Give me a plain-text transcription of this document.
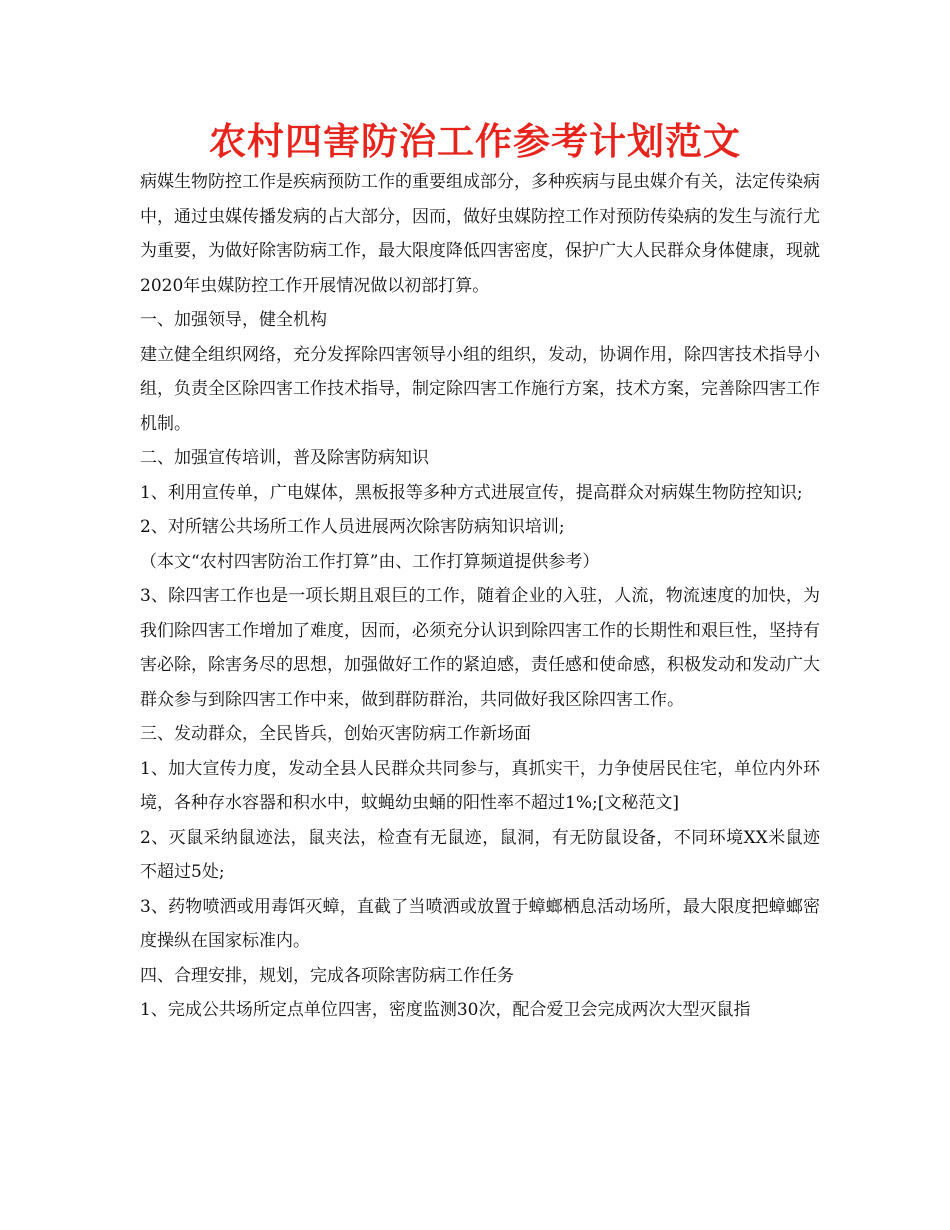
农村四害防治工作参考计划范文

病媒生物防控工作是疾病预防工作的重要组成部分，多种疾病与昆虫媒介有关，法定传染病中，通过虫媒传播发病的占大部分，因而，做好虫媒防控工作对预防传染病的发生与流行尤为重要，为做好除害防病工作，最大限度降低四害密度，保护广大人民群众身体健康，现就2020年虫媒防控工作开展情况做以初部打算。

一、加强领导，健全机构

建立健全组织网络，充分发挥除四害领导小组的组织，发动，协调作用，除四害技术指导小组，负责全区除四害工作技术指导，制定除四害工作施行方案，技术方案，完善除四害工作机制。

二、加强宣传培训，普及除害防病知识

1、利用宣传单，广电媒体，黑板报等多种方式进展宣传，提高群众对病媒生物防控知识;

2、对所辖公共场所工作人员进展两次除害防病知识培训;

（本文“农村四害防治工作打算”由、工作打算频道提供参考）

3、除四害工作也是一项长期且艰巨的工作，随着企业的入驻，人流，物流速度的加快，为我们除四害工作增加了难度，因而，必须充分认识到除四害工作的长期性和艰巨性，坚持有害必除，除害务尽的思想，加强做好工作的紧迫感，责任感和使命感，积极发动和发动广大群众参与到除四害工作中来，做到群防群治，共同做好我区除四害工作。

三、发动群众，全民皆兵，创始灭害防病工作新场面

1、加大宣传力度，发动全县人民群众共同参与，真抓实干，力争使居民住宅，单位内外环境，各种存水容器和积水中，蚊蝇幼虫蛹的阳性率不超过1%;[文秘范文]

2、灭鼠采纳鼠迹法，鼠夹法，检查有无鼠迹，鼠洞，有无防鼠设备，不同环境XX米鼠迹不超过5处;

3、药物喷洒或用毒饵灭蟑，直截了当喷洒或放置于蟑螂栖息活动场所，最大限度把蟑螂密度操纵在国家标准内。

四、合理安排，规划，完成各项除害防病工作任务

1、完成公共场所定点单位四害，密度监测30次，配合爱卫会完成两次大型灭鼠指
